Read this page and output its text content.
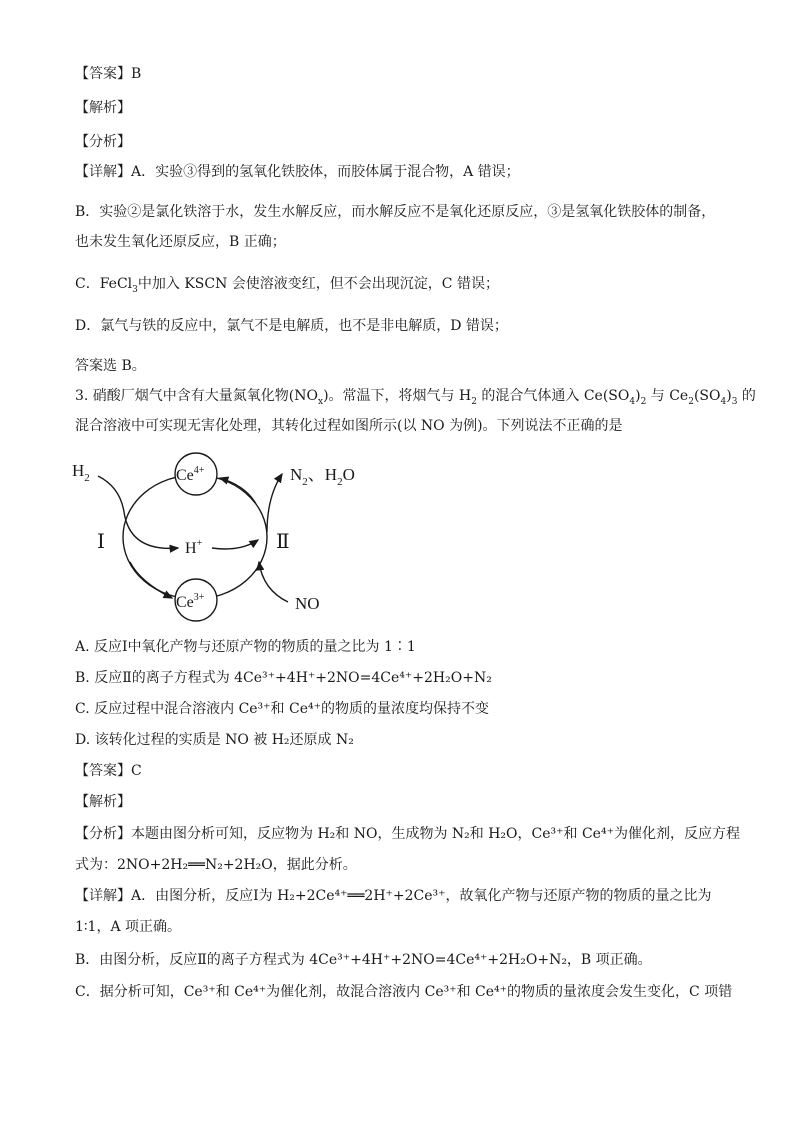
【答案】B
【解析】
【分析】
【详解】A．实验③得到的氢氧化铁胶体，而胶体属于混合物，A 错误；
B．实验②是氯化铁溶于水，发生水解反应，而水解反应不是氧化还原反应，③是氢氧化铁胶体的制备，
也未发生氧化还原反应，B 正确；
C．FeCl$_3$中加入 KSCN 会使溶液变红，但不会出现沉淀，C 错误；
D．氯气与铁的反应中，氯气不是电解质，也不是非电解质，D 错误；
答案选 B。
3. 硝酸厂烟气中含有大量氮氧化物$(NO_x)$。常温下，将烟气与 $H_2$ 的混合气体通入 $Ce(SO_4)_2$ 与 $Ce_2(SO_4)_3$ 的
混合溶液中可实现无害化处理，其转化过程如图所示(以 NO 为例)。下列说法不正确的是
$H_2$	$Ce^{4+}$
$Ce^{3+}$
H+
Ⅰ	Ⅱ
$N_2$、$H_2O$
NO
A. 反应Ⅰ中氧化产物与还原产物的物质的量之比为 1∶1
B. 反应Ⅱ的离子方程式为 4Ce³⁺+4H⁺+2NO=4Ce⁴⁺+2H₂O+N₂
C. 反应过程中混合溶液内 Ce³⁺和 Ce⁴⁺的物质的量浓度均保持不变
D. 该转化过程的实质是 NO 被 H₂还原成 N₂
【答案】C
【解析】
【分析】本题由图分析可知，反应物为 H₂和 NO，生成物为 N₂和 H₂O，Ce³⁺和 Ce⁴⁺为催化剂，反应方程
式为：2NO+2H₂══N₂+2H₂O，据此分析。
【详解】A．由图分析，反应Ⅰ为 H₂+2Ce⁴⁺══2H⁺+2Ce³⁺，故氧化产物与还原产物的物质的量之比为
1∶1，A 项正确。
B．由图分析，反应Ⅱ的离子方程式为 4Ce³⁺+4H⁺+2NO=4Ce⁴⁺+2H₂O+N₂，B 项正确。
C．据分析可知，Ce³⁺和 Ce⁴⁺为催化剂，故混合溶液内 Ce³⁺和 Ce⁴⁺的物质的量浓度会发生变化，C 项错
